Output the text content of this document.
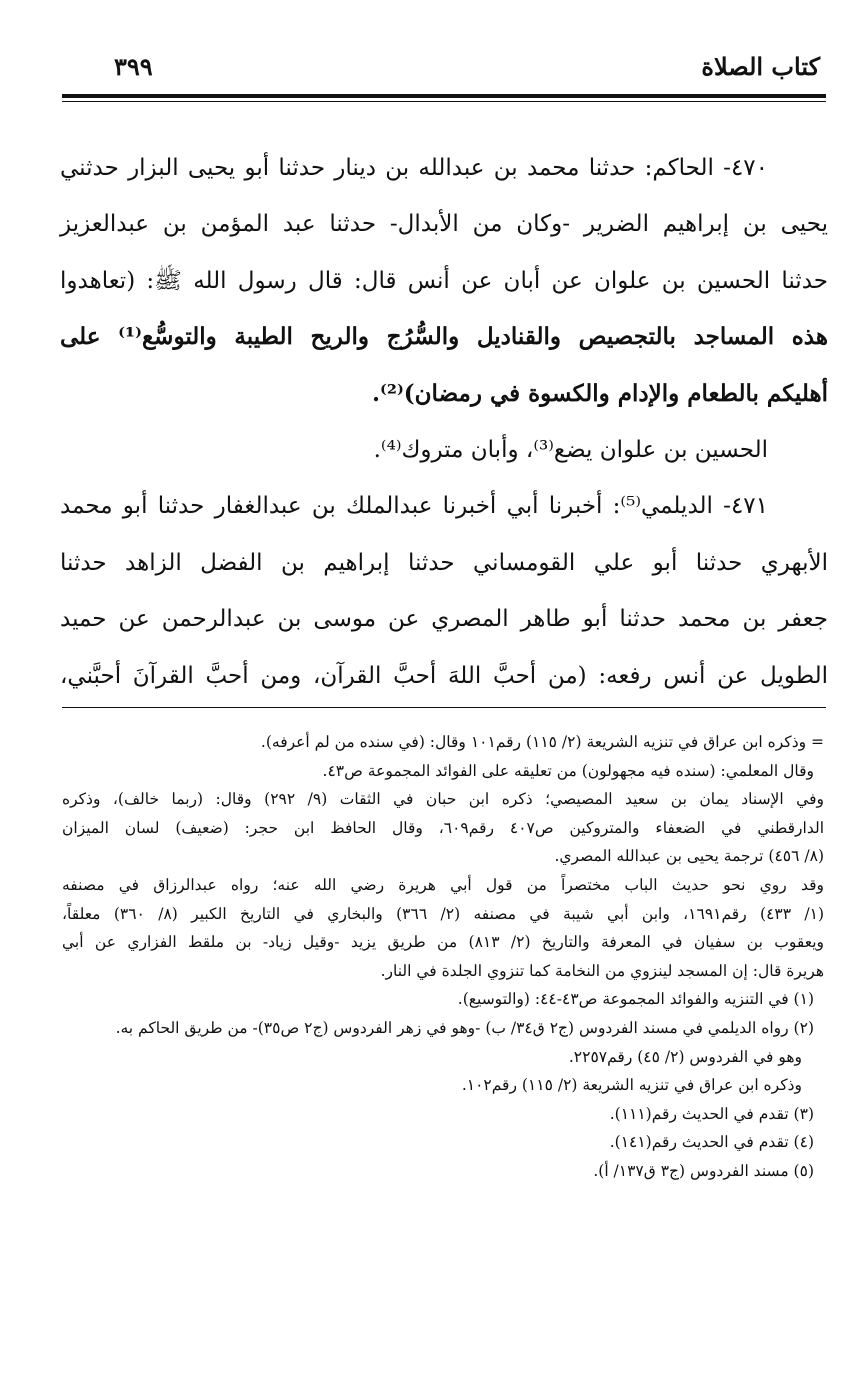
كتاب الصلاة
٣٩٩
٤٧٠- الحاكم: حدثنا محمد بن عبدالله بن دينار حدثنا أبو يحيى البزار حدثني
يحيى بن إبراهيم الضرير -وكان من الأبدال- حدثنا عبد المؤمن بن عبدالعزيز
حدثنا الحسين بن علوان عن أبان عن أنس قال: قال رسول الله ﷺ: (تعاهدوا
هذه المساجد بالتجصيص والقناديل والسُّرُج والريح الطيبة والتوسُّع⁽¹⁾ على
أهليكم بالطعام والإدام والكسوة في رمضان)⁽²⁾.
الحسين بن علوان يضع⁽³⁾، وأبان متروك⁽⁴⁾.
٤٧١- الديلمي⁽⁵⁾: أخبرنا أبي أخبرنا عبدالملك بن عبدالغفار حدثنا أبو محمد
الأبهري حدثنا أبو علي القومساني حدثنا إبراهيم بن الفضل الزاهد حدثنا
جعفر بن محمد حدثنا أبو طاهر المصري عن موسى بن عبدالرحمن عن حميد
الطويل عن أنس رفعه: (من أحبَّ اللهَ أحبَّ القرآن، ومن أحبَّ القرآنَ أحبَّني،
= وذكره ابن عراق في تنزيه الشريعة (٢/ ١١٥) رقم١٠١ وقال: (في سنده من لم أعرفه).
وقال المعلمي: (سنده فيه مجهولون) من تعليقه على الفوائد المجموعة ص٤٣.
وفي الإسناد يمان بن سعيد المصيصي؛ ذكره ابن حبان في الثقات (٩/ ٢٩٢) وقال: (ربما خالف)، وذكره
الدارقطني في الضعفاء والمتروكين ص٤٠٧ رقم٦٠٩، وقال الحافظ ابن حجر: (ضعيف) لسان الميزان
(٨/ ٤٥٦) ترجمة يحيى بن عبدالله المصري.
وقد روي نحو حديث الباب مختصراً من قول أبي هريرة رضي الله عنه؛ رواه عبدالرزاق في مصنفه
(١/ ٤٣٣) رقم١٦٩١، وابن أبي شيبة في مصنفه (٢/ ٣٦٦) والبخاري في التاريخ الكبير (٨/ ٣٦٠) معلقاً،
ويعقوب بن سفيان في المعرفة والتاريخ (٢/ ٨١٣) من طريق يزيد -وقيل زياد- بن ملقط الفزاري عن أبي
هريرة قال: إن المسجد لينزوي من النخامة كما تنزوي الجلدة في النار.
(١) في التنزيه والفوائد المجموعة ص٤٣-٤٤: (والتوسيع).
(٢) رواه الديلمي في مسند الفردوس (ج٢ ق٣٤/ ب) -وهو في زهر الفردوس (ج٢ ص٣٥)- من طريق الحاكم به.
وهو في الفردوس (٢/ ٤٥) رقم٢٢٥٧.
وذكره ابن عراق في تنزيه الشريعة (٢/ ١١٥) رقم١٠٢.
(٣) تقدم في الحديث رقم(١١١).
(٤) تقدم في الحديث رقم(١٤١).
(٥) مسند الفردوس (ج٣ ق١٣٧/ أ).
